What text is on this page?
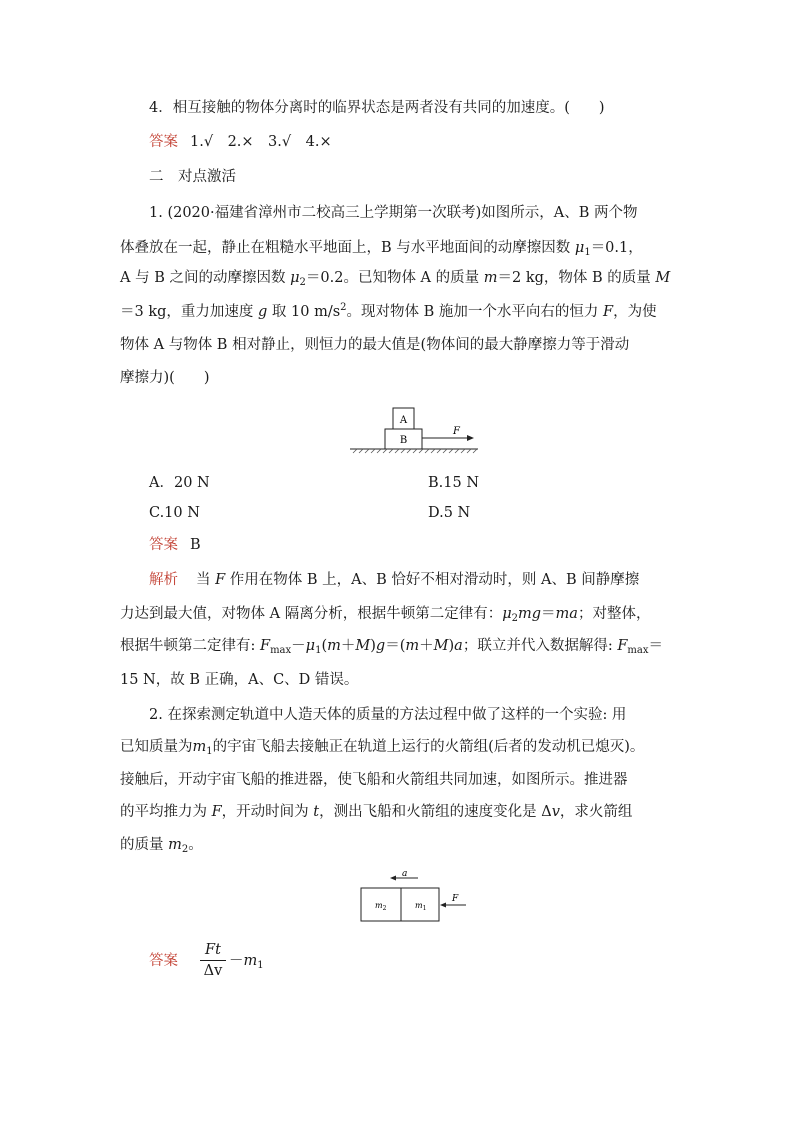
4．相互接触的物体分离时的临界状态是两者没有共同的加速度。(　　)
答案 1.√　2.×　3.√　4.×
二　对点激活
1. (2020·福建省漳州市二校高三上学期第一次联考)如图所示，A、B 两个物
体叠放在一起，静止在粗糙水平地面上，B 与水平地面间的动摩擦因数 $\mu_1=0.1$，
A 与 B 之间的动摩擦因数 $\mu_2=0.2$。已知物体 A 的质量 m＝2 kg，物体 B 的质量 M
＝3 kg，重力加速度 g 取 10 $m/s^2$。现对物体 B 施加一个水平向右的恒力 F，为使
物体 A 与物体 B 相对静止，则恒力的最大值是(物体间的最大静摩擦力等于滑动
摩擦力)(　　)
A
B
F
A．20 N	B.15 N
C.10 N	D.5 N
答案 B
解析 当 F 作用在物体 B 上，A、B 恰好不相对滑动时，则 A、B 间静摩擦
力达到最大值，对物体 A 隔离分析，根据牛顿第二定律有：$\mu_2mg=ma$；对整体，
根据牛顿第二定律有: $F_{max}-\mu_1(m+M)g=(m+M)a$；联立并代入数据解得: $F_{max}=$
15 N，故 B 正确，A、C、D 错误。
2. 在探索测定轨道中人造天体的质量的方法过程中做了这样的一个实验: 用
已知质量为$m_1$的宇宙飞船去接触正在轨道上运行的火箭组(后者的发动机已熄灭)。
接触后，开动宇宙飞船的推进器，使飞船和火箭组共同加速，如图所示。推进器
的平均推力为 F，开动时间为 t，测出飞船和火箭组的速度变化是 Δv，求火箭组
的质量 $m_2$。
a
$m_2$	$m_1$
F
答案
Ft
Δv
$-m_1$
